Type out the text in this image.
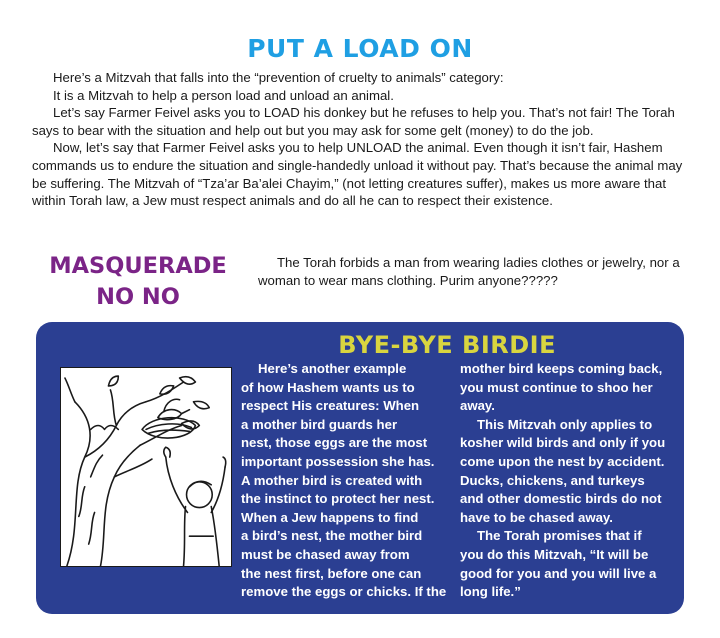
PUT A LOAD ON

Here’s a Mitzvah that falls into the “prevention of cruelty to animals” category:

It is a Mitzvah to help a person load and unload an animal.

Let’s say Farmer Feivel asks you to LOAD his donkey but he refuses to help you. That’s not fair! The Torah says to bear with the situation and help out but you may ask for some gelt (money) to do the job.

Now, let’s say that Farmer Feivel asks you to help UNLOAD the animal. Even though it isn’t fair, Hashem commands us to endure the situation and single-handedly unload it without pay. That’s because the animal may be suffering. The Mitzvah of “Tza’ar Ba’alei Chayim,” (not letting creatures suffer), makes us more aware that within Torah law, a Jew must respect animals and do all he can to respect their existence.

MASQUERADE
NO NO

The Torah forbids a man from wearing ladies clothes or jewelry, nor a woman to wear mans clothing. Purim anyone?????

BYE-BYE BIRDIE

Here’s another example

of how Hashem wants us to

respect His creatures: When

a mother bird guards her

nest, those eggs are the most

important possession she has.

A mother bird is created with

the instinct to protect her nest.

When a Jew happens to find

a bird’s nest, the mother bird

must be chased away from

the nest first, before one can

remove the eggs or chicks. If the

mother bird keeps coming back,

you must continue to shoo her

away.

This Mitzvah only applies to

kosher wild birds and only if you

come upon the nest by accident.

Ducks, chickens, and turkeys

and other domestic birds do not

have to be chased away.

The Torah promises that if

you do this Mitzvah, “It will be

good for you and you will live a

long life.”
